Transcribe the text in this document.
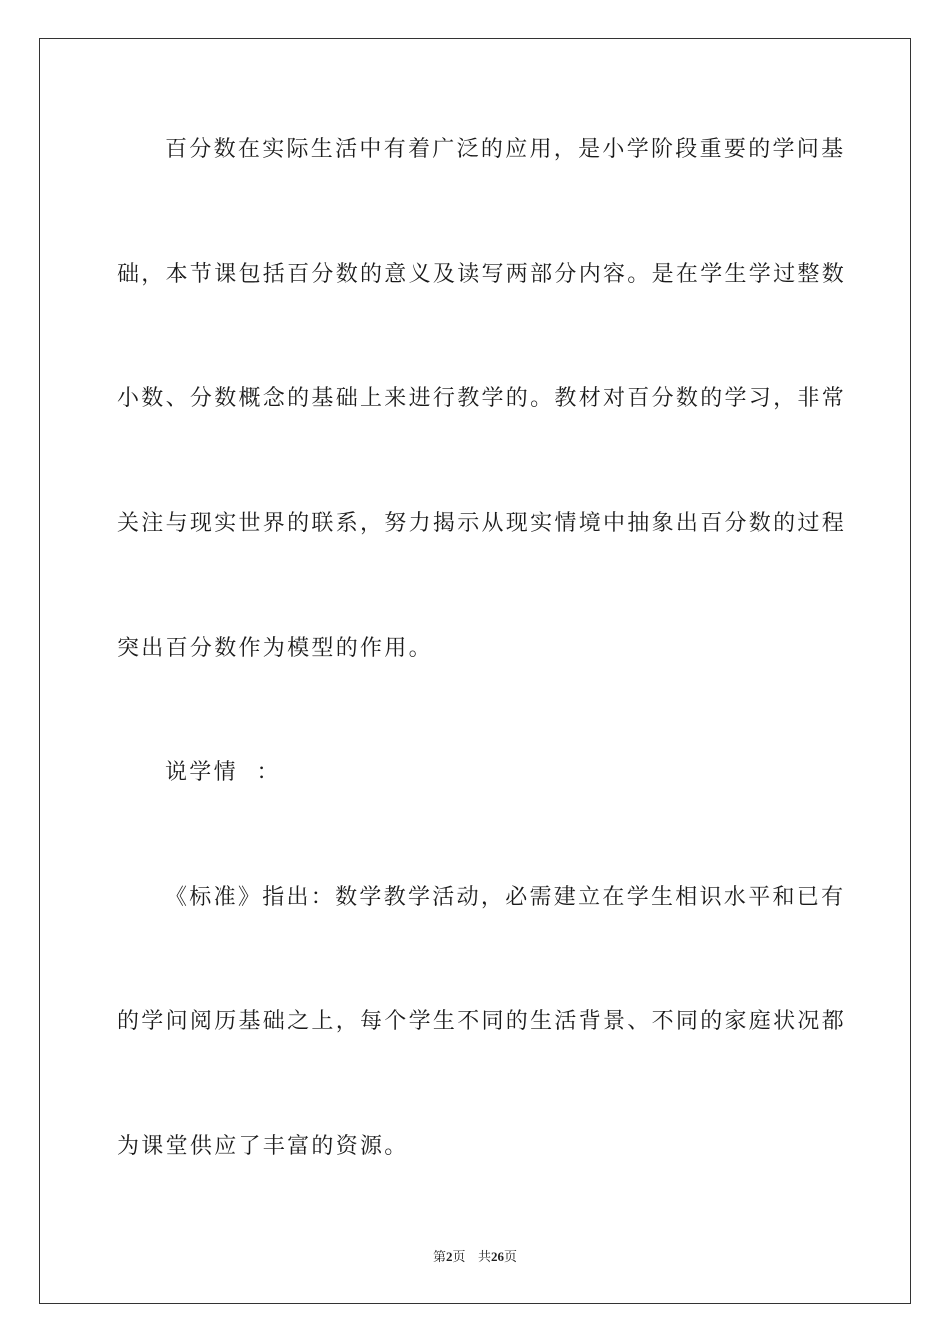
百分数在实际生活中有着广泛的应用，是小学阶段重要的学问基
础，本节课包括百分数的意义及读写两部分内容。是在学生学过整数
小数、分数概念的基础上来进行教学的。教材对百分数的学习，非常
关注与现实世界的联系，努力揭示从现实情境中抽象出百分数的过程
突出百分数作为模型的作用。
说学情  ：
《标准》指出：数学教学活动，必需建立在学生相识水平和已有
的学问阅历基础之上，每个学生不同的生活背景、不同的家庭状况都
为课堂供应了丰富的资源。
第2页 共26页
